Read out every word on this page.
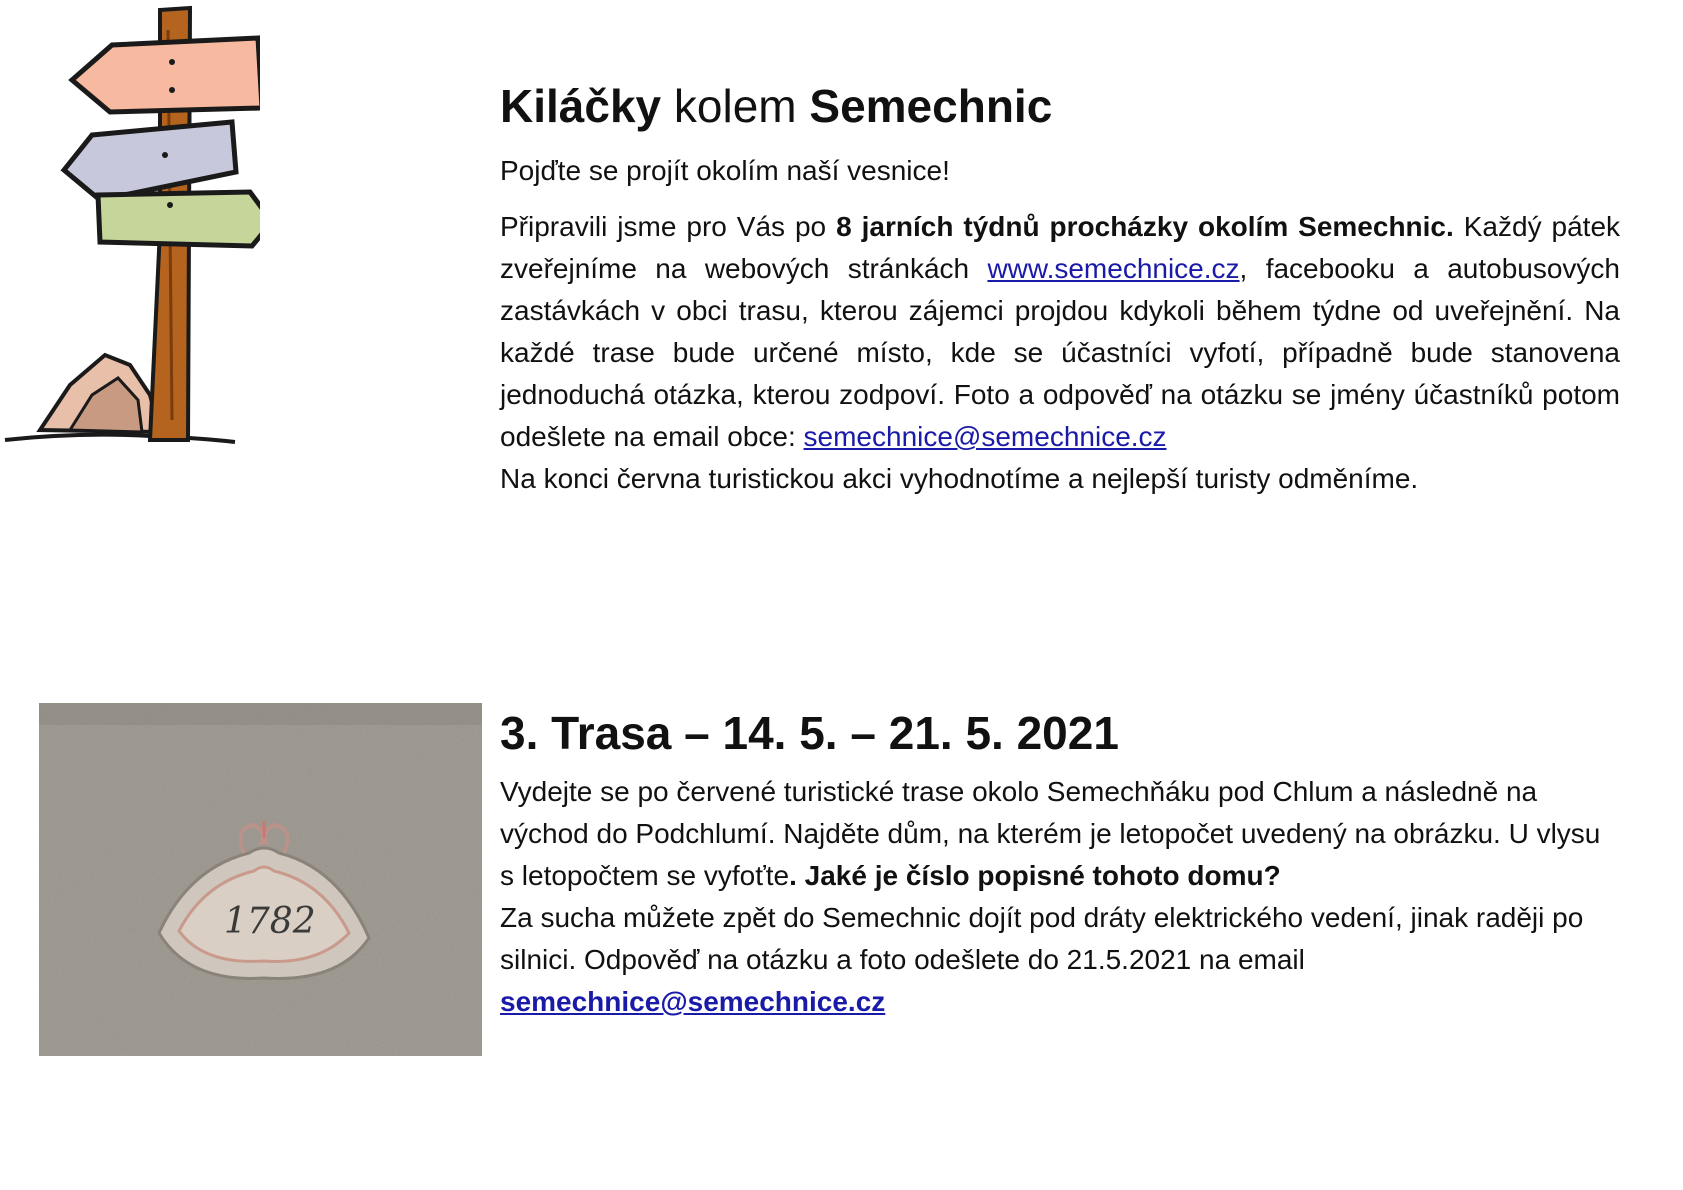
1782
Kiláčky kolem Semechnic

Pojďte se projít okolím naší vesnice!

Připravili jsme pro Vás po 8 jarních týdnů procházky okolím Semechnic. Každý pátek zveřejníme na webových stránkách www.semechnice.cz, facebooku a autobusových zastávkách v obci trasu, kterou zájemci projdou kdykoli během týdne od uveřejnění. Na každé trase bude určené místo, kde se účastníci vyfotí, případně bude stanovena jednoduchá otázka, kterou zodpoví. Foto a odpověď na otázku se jmény účastníků potom odešlete na email obce: semechnice@semechnice.cz

Na konci června turistickou akci vyhodnotíme a nejlepší turisty odměníme.

3. Trasa – 14. 5. – 21. 5. 2021

Vydejte se po červené turistické trase okolo Semechňáku pod Chlum a následně na východ do Podchlumí. Najděte dům, na kterém je letopočet uvedený na obrázku. U vlysu s letopočtem se vyfoťte. Jaké je číslo popisné tohoto domu?
Za sucha můžete zpět do Semechnic dojít pod dráty elektrického vedení, jinak raději po silnici. Odpověď na otázku a foto odešlete do 21.5.2021 na email
semechnice@semechnice.cz
